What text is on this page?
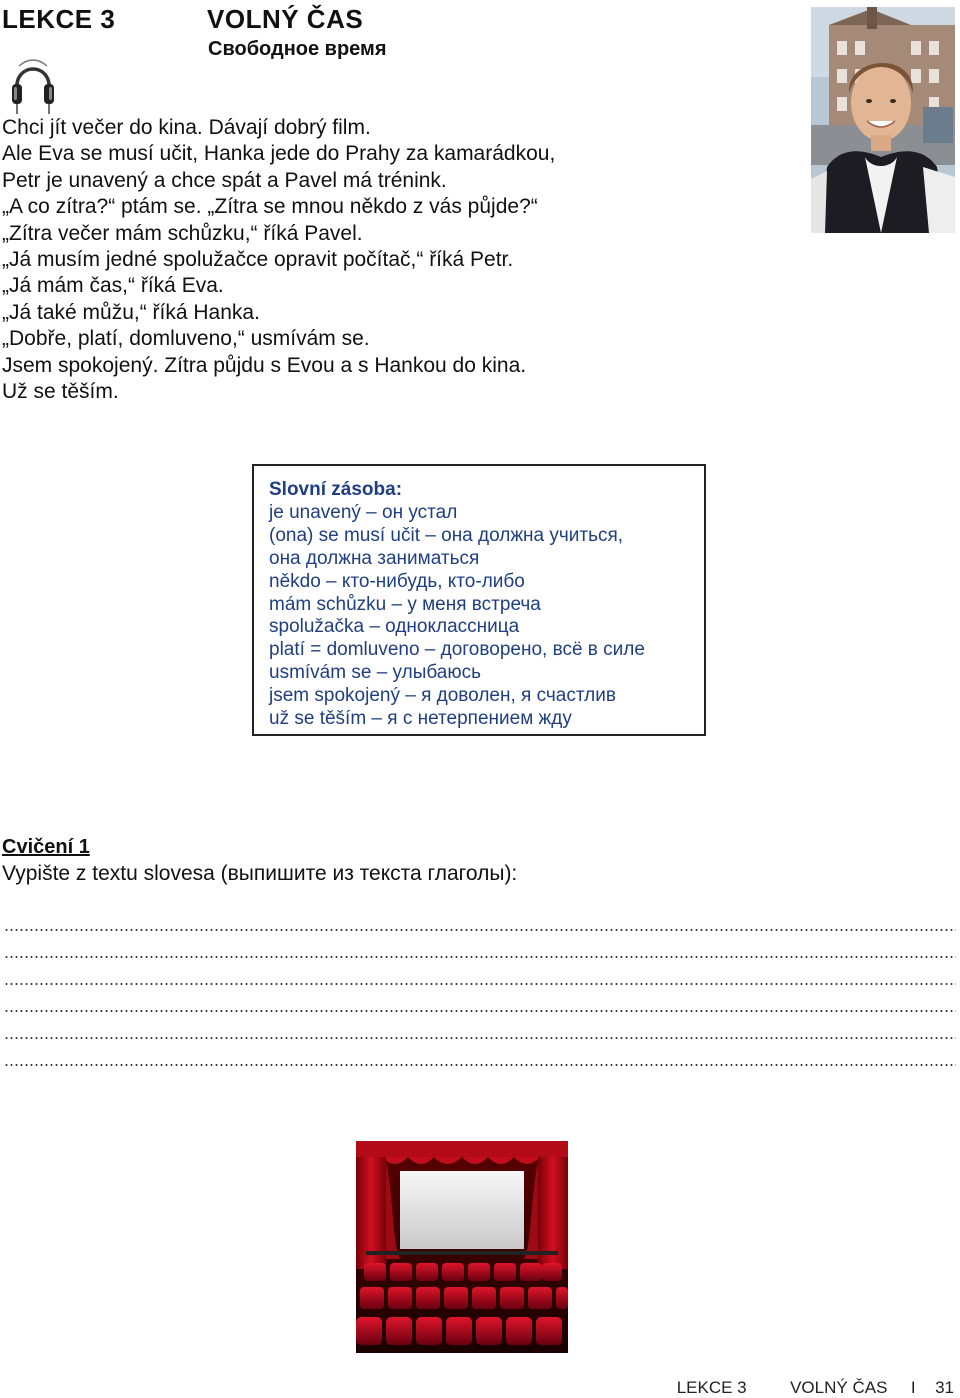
LEKCE 3	VOLNÝ ČAS
Свободное время
Chci jít večer do kina. Dávají dobrý film.
Ale Eva se musí učit, Hanka jede do Prahy za kamarádkou,
Petr je unavený a chce spát a Pavel má trénink.
„A co zítra?“ ptám se. „Zítra se mnou někdo z vás půjde?“
„Zítra večer mám schůzku,“ říká Pavel.
„Já musím jedné spolužačce opravit počítač,“ říká Petr.
„Já mám čas,“ říká Eva.
„Já také můžu,“ říká Hanka.
„Dobře, platí, domluveno,“ usmívám se.
Jsem spokojený. Zítra půjdu s Evou a s Hankou do kina.
Už se těším.
Slovní zásoba:
je unavený – он устал
(ona) se musí učit – она должна учиться,
она должна заниматься
někdo – кто-нибудь, кто-либо
mám schůzku – у меня встреча
spolužačka – одноклассница
platí = domluveno – договорено, всё в силе
usmívám se – улыбаюсь
jsem spokojený – я доволен, я счастлив
už se těším – я с нетерпением жду
Cvičení 1
Vypište z textu slovesa (выпишите из текста глаголы):
LEKCE 3	VOLNÝ ČAS I 31
